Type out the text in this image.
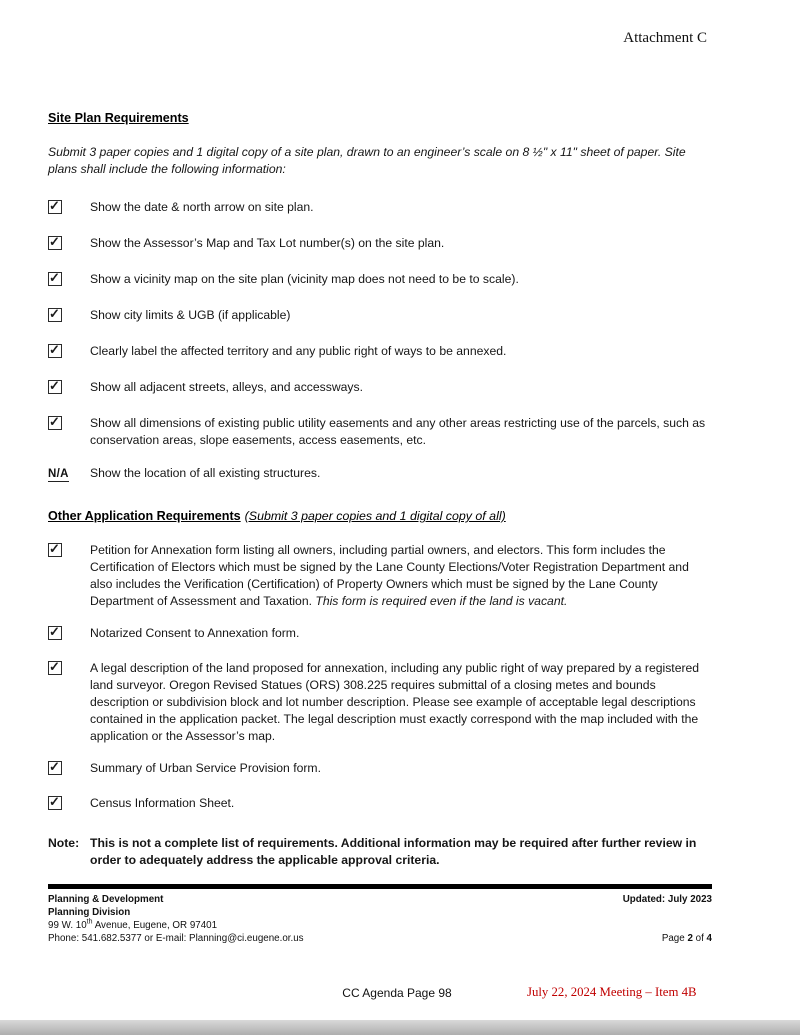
Attachment C
Site Plan Requirements

Submit 3 paper copies and 1 digital copy of a site plan, drawn to an engineer’s scale on 8 ½" x 11" sheet of paper. Site plans shall include the following information:

✓
Show the date & north arrow on site plan.
✓
Show the Assessor’s Map and Tax Lot number(s) on the site plan.
✓
Show a vicinity map on the site plan (vicinity map does not need to be to scale).
✓
Show city limits & UGB (if applicable)
✓
Clearly label the affected territory and any public right of ways to be annexed.
✓
Show all adjacent streets, alleys, and accessways.
✓
Show all dimensions of existing public utility easements and any other areas restricting use of the parcels, such as conservation areas, slope easements, access easements, etc.
N/A	Show the location of all existing structures.
Other Application Requirements (Submit 3 paper copies and 1 digital copy of all)
✓
Petition for Annexation form listing all owners, including partial owners, and electors. This form includes the Certification of Electors which must be signed by the Lane County Elections/Voter Registration Department and also includes the Verification (Certification) of Property Owners which must be signed by the Lane County Department of Assessment and Taxation. This form is required even if the land is vacant.
✓
Notarized Consent to Annexation form.
✓
A legal description of the land proposed for annexation, including any public right of way prepared by a registered land surveyor. Oregon Revised Statues (ORS) 308.225 requires submittal of a closing metes and bounds description or subdivision block and lot number description. Please see example of acceptable legal descriptions contained in the application packet. The legal description must exactly correspond with the map included with the application or the Assessor’s map.
✓
Summary of Urban Service Provision form.
✓
Census Information Sheet.
Note: This is not a complete list of requirements. Additional information may be required after further review in order to adequately address the applicable approval criteria.
Planning & Development	Updated: July 2023
Planning Division
99 W. 10th Avenue, Eugene, OR 97401
Phone: 541.682.5377 or E-mail: Planning@ci.eugene.or.us	Page 2 of 4
CC Agenda Page 98	July 22, 2024 Meeting – Item 4B
